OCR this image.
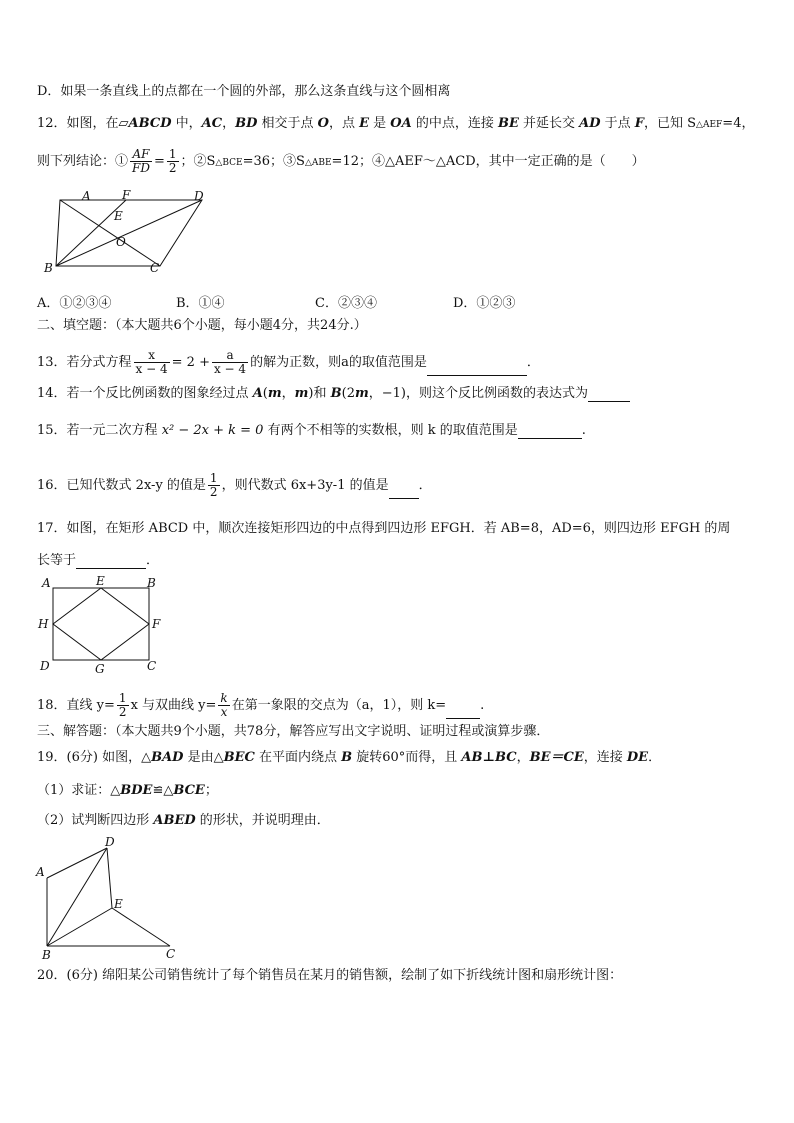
D．如果一条直线上的点都在一个圆的外部，那么这条直线与这个圆相离
12．如图，在▱ABCD 中，AC，BD 相交于点 O，点 E 是 OA 的中点，连接 BE 并延长交 AD 于点 F，已知 S△AEF=4，
则下列结论：① $\frac{AF}{FD} = \frac{1}{2}$ ；②S△BCE=36；③S△ABE=12；④△AEF～△ACD，其中一定正确的是（　　）
A	F	D
E
O
B	C
A．①②③④	B．①④	C．②③④	D．①②③
二、填空题：（本大题共6个小题，每小题4分，共24分.）
13．若分式方程 $\frac{x}{x - 4} = 2 + \frac{a}{x - 4}$ 的解为正数，则a的取值范围是	．
14．若一个反比例函数的图象经过点 A(m，m)和 B(2m，−1)，则这个反比例函数的表达式为
15．若一元二次方程 x² − 2x + k = 0 有两个不相等的实数根，则 k 的取值范围是	.
16．已知代数式 2x-y 的值是 $\frac{1}{2}$ ，则代数式 6x+3y-1 的值是 ．
17．如图，在矩形 ABCD 中，顺次连接矩形四边的中点得到四边形 EFGH．若 AB=8，AD=6，则四边形 EFGH 的周
长等于	．
A	E	B
H	F
D	G	C
18．直线 $y= \frac{1}{2}$ x 与双曲线 $y= \frac{k}{x}$ 在第一象限的交点为（a，1），则 k=	.
三、解答题：（本大题共9个小题，共78分，解答应写出文字说明、证明过程或演算步骤．
19．(6分) 如图，△BAD 是由△BEC 在平面内绕点 B 旋转60°而得，且 AB⊥BC，BE＝CE，连接 DE．
（1）求证：△BDE≌△BCE；
（2）试判断四边形 ABED 的形状，并说明理由．
D
A
E
B	C
20．(6分) 绵阳某公司销售统计了每个销售员在某月的销售额，绘制了如下折线统计图和扇形统计图：
